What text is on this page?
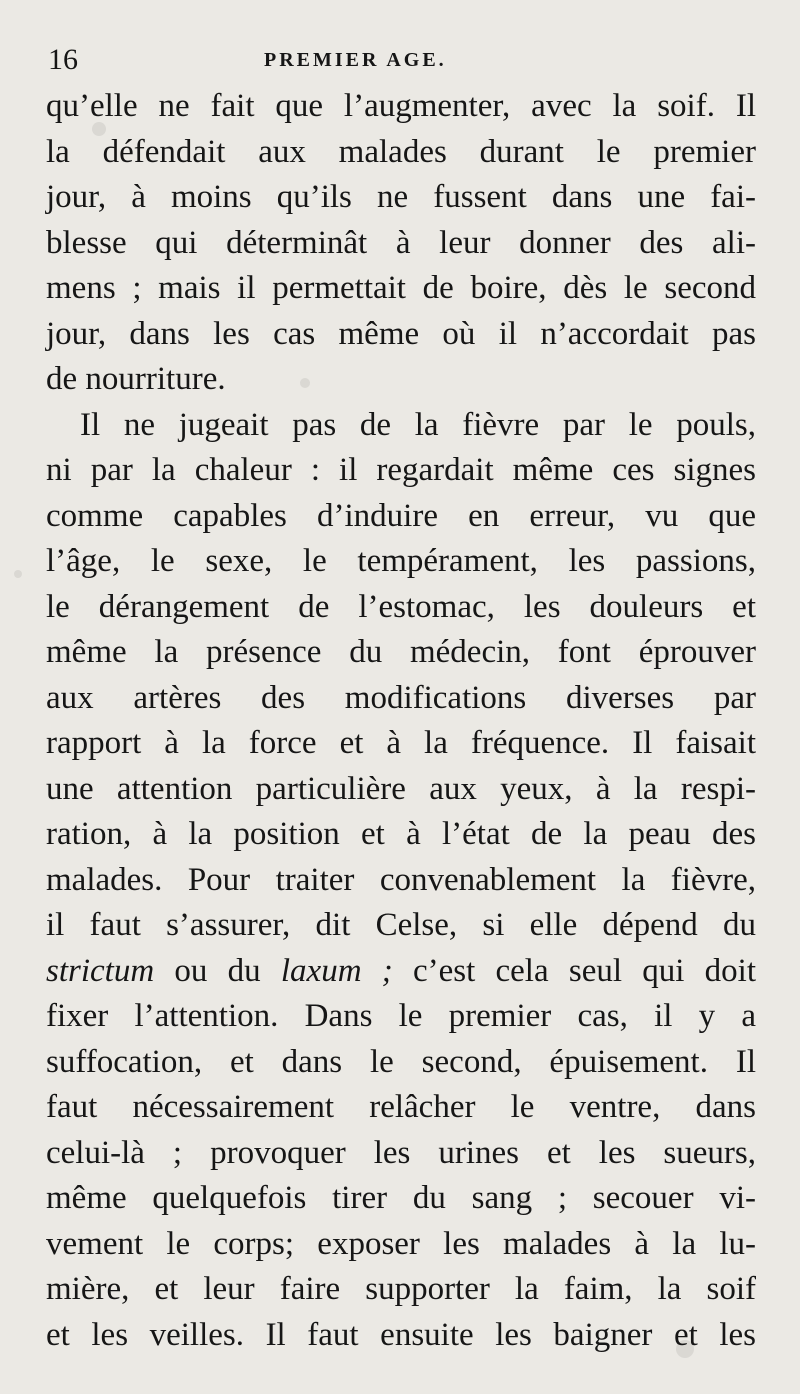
16	PREMIER AGE.
qu’elle ne fait que l’augmenter, avec la soif. Il
la défendait aux malades durant le premier
jour, à moins qu’ils ne fussent dans une fai-
blesse qui déterminât à leur donner des ali-
mens ; mais il permettait de boire, dès le second
jour, dans les cas même où il n’accordait pas
de nourriture.
Il ne jugeait pas de la fièvre par le pouls,
ni par la chaleur : il regardait même ces signes
comme capables d’induire en erreur, vu que
l’âge, le sexe, le tempérament, les passions,
le dérangement de l’estomac, les douleurs et
même la présence du médecin, font éprouver
aux artères des modifications diverses par
rapport à la force et à la fréquence. Il faisait
une attention particulière aux yeux, à la respi-
ration, à la position et à l’état de la peau des
malades. Pour traiter convenablement la fièvre,
il faut s’assurer, dit Celse, si elle dépend du
strictum ou du laxum ; c’est cela seul qui doit
fixer l’attention. Dans le premier cas, il y a
suffocation, et dans le second, épuisement. Il
faut nécessairement relâcher le ventre, dans
celui-là ; provoquer les urines et les sueurs,
même quelquefois tirer du sang ; secouer vi-
vement le corps; exposer les malades à la lu-
mière, et leur faire supporter la faim, la soif
et les veilles. Il faut ensuite les baigner et les
